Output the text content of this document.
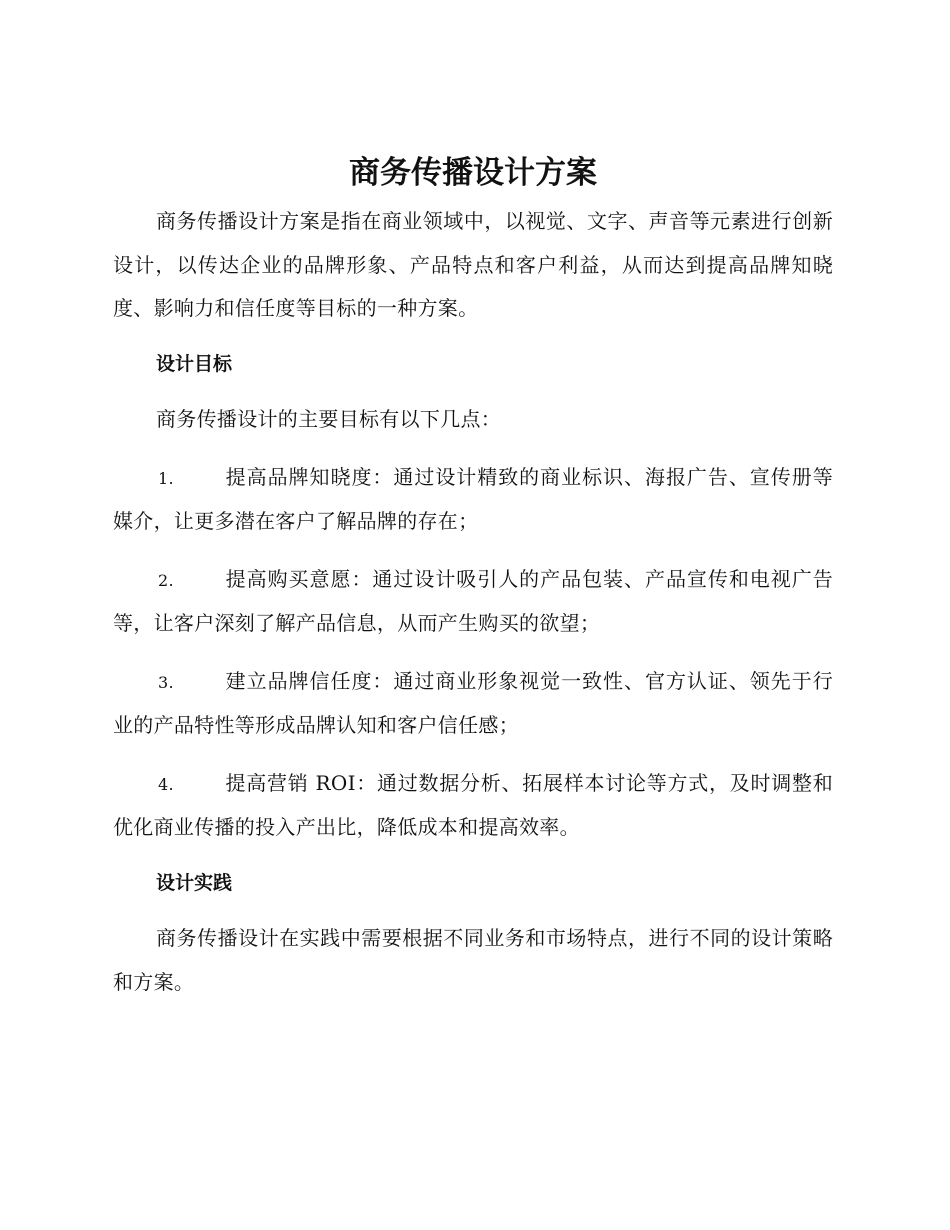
商务传播设计方案

商务传播设计方案是指在商业领域中，以视觉、文字、声音等元素进行创新设计，以传达企业的品牌形象、产品特点和客户利益，从而达到提高品牌知晓度、影响力和信任度等目标的一种方案。

设计目标

商务传播设计的主要目标有以下几点：

1.	提高品牌知晓度：通过设计精致的商业标识、海报广告、宣传册等媒介，让更多潜在客户了解品牌的存在；

2.	提高购买意愿：通过设计吸引人的产品包装、产品宣传和电视广告等，让客户深刻了解产品信息，从而产生购买的欲望；

3.	建立品牌信任度：通过商业形象视觉一致性、官方认证、领先于行业的产品特性等形成品牌认知和客户信任感；

4.	提高营销 ROI：通过数据分析、拓展样本讨论等方式，及时调整和优化商业传播的投入产出比，降低成本和提高效率。

设计实践

商务传播设计在实践中需要根据不同业务和市场特点，进行不同的设计策略和方案。
